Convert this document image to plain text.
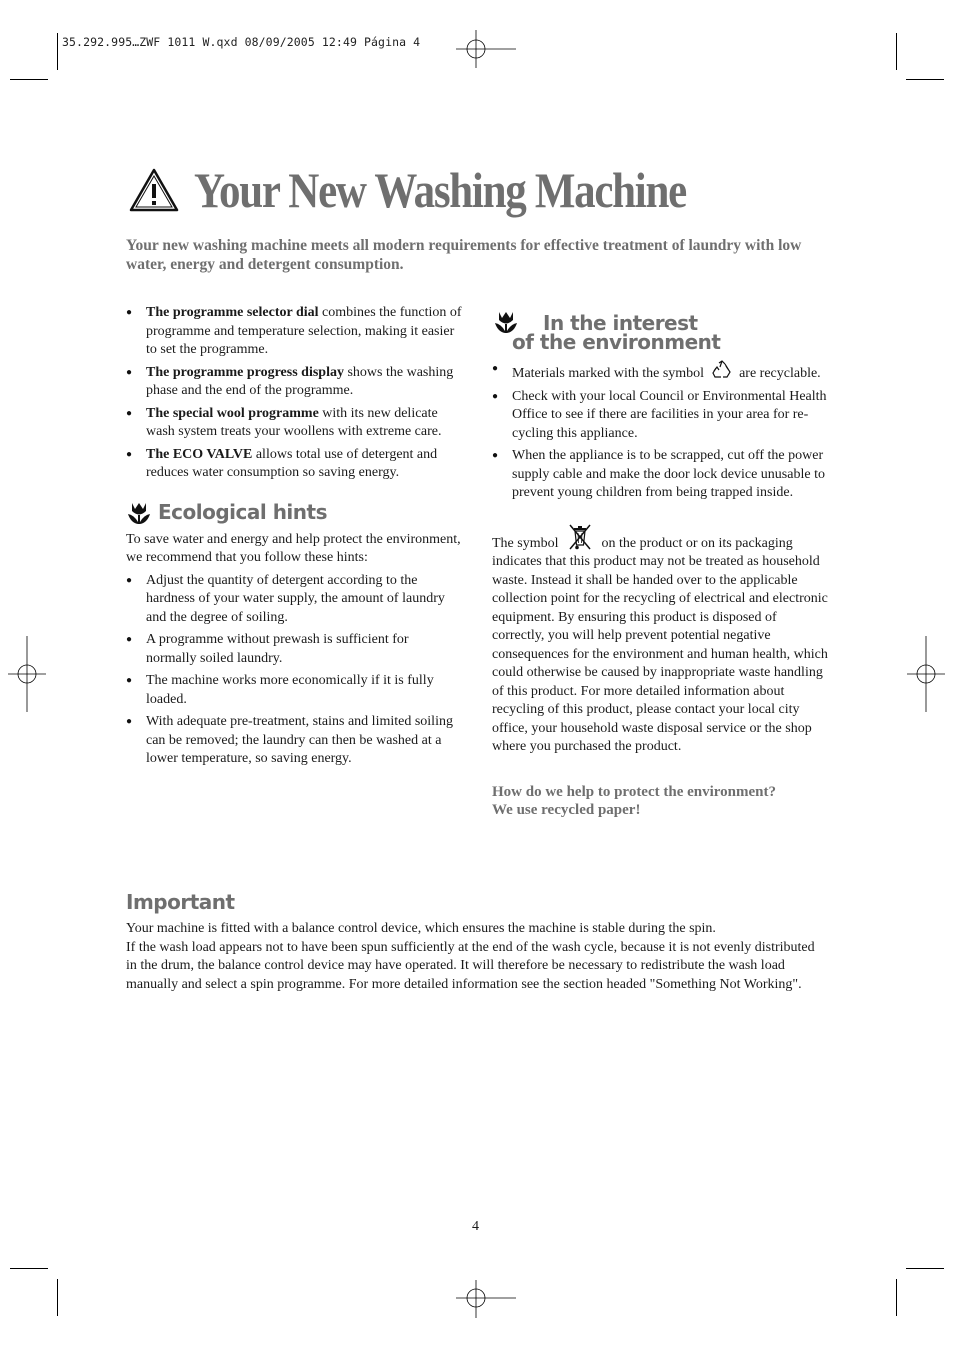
35.292.995…ZWF 1011 W.qxd 08/09/2005 12:49 Página 4
Your New Washing Machine
Your new washing machine meets all modern requirements for effective treatment of laundry with low water, energy and detergent consumption.
● The programme selector dial combines the function of programme and temperature selection, making it easier to set the programme.
● The programme progress display shows the washing phase and the end of the programme.
● The special wool programme with its new delicate wash system treats your woollens with extreme care.
● The ECO VALVE allows total use of detergent and reduces water consumption so saving energy.
Ecological hints
To save water and energy and help protect the environment, we recommend that you follow these hints:
● Adjust the quantity of detergent according to the hardness of your water supply, the amount of laundry and the degree of soiling.
● A programme without prewash is sufficient for normally soiled laundry.
● The machine works more economically if it is fully loaded.
● With adequate pre-treatment, stains and limited soiling can be removed; the laundry can then be washed at a lower temperature, so saving energy.
In the interest
of the environment
● Materials marked with the symbol	are recyclable.
● Check with your local Council or Environmental Health Office to see if there are facilities in your area for re-cycling this appliance.
● When the appliance is to be scrapped, cut off the power supply cable and make the door lock device unusable to prevent young children from being trapped inside.
The symbol	on the product or on its packaging indicates that this product may not be treated as household waste. Instead it shall be handed over to the applicable collection point for the recycling of electrical and electronic equipment. By ensuring this product is disposed of correctly, you will help prevent potential negative consequences for the environment and human health, which could otherwise be caused by inappropriate waste handling of this product. For more detailed information about recycling of this product, please contact your local city office, your household waste disposal service or the shop where you purchased the product.
How do we help to protect the environment?
We use recycled paper!
Important
Your machine is fitted with a balance control device, which ensures the machine is stable during the spin.
If the wash load appears not to have been spun sufficiently at the end of the wash cycle, because it is not evenly distributed in the drum, the balance control device may have operated. It will therefore be necessary to redistribute the wash load manually and select a spin programme. For more detailed information see the section headed "Something Not Working".
4
